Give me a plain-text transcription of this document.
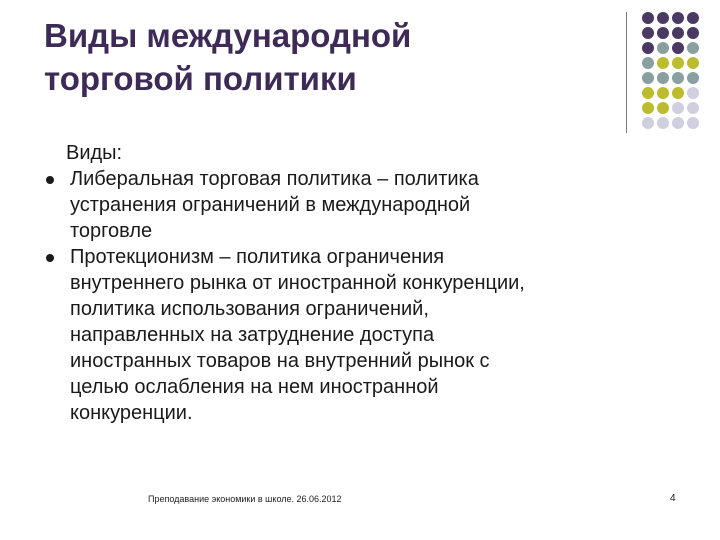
Виды международной
торговой политики
Виды:
Либеральная торговая политика – политика
устранения ограничений в международной
торговле
Протекционизм – политика ограничения
внутреннего рынка от иностранной конкуренции,
политика использования ограничений,
направленных на затруднение доступа
иностранных товаров на внутренний рынок с
целью ослабления на нем иностранной
конкуренции.
Преподавание экономики в школе. 26.06.2012	4
